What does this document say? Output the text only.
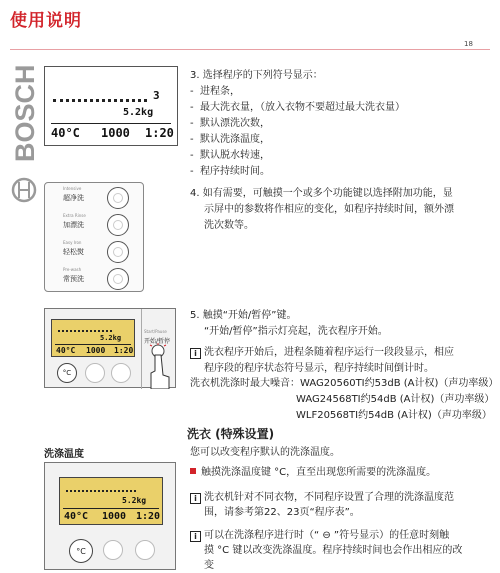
使用说明
18
BOSCH	3
5.2kg
40°C 1000 1:20
3. 选择程序的下列符号显示：
-  进程条，
-  最大洗衣量，（放入衣物不要超过最大洗衣量）
-  默认漂洗次数，
-  默认洗涤温度，
-  默认脱水转速，
-  程序持续时间。
Intensive
超净洗
Extra Rinse
加漂洗
Easy Iron
轻松熨
Pre-wash
常预洗
4. 如有需要，可触摸一个或多个功能键以选择附加功能，显
示屏中的参数将作相应的变化，如程序持续时间，额外漂
洗次数等。
5.2kg
40°C 1000 1:20
°C
Start/Pause
开始/暂停
5. 触摸“开始/暂停”键。
“开始/暂停”指示灯亮起，洗衣程序开始。
i 洗衣程序开始后，进程条随着程序运行一段段显示，相应
程序段的程序状态符号显示，程序持续时间倒计时。
洗衣机洗涤时最大噪音：WAG20560TI约53dB (A计权)（声功率级）
WAG24568TI约54dB (A计权)（声功率级）
WLF20568TI约54dB (A计权)（声功率级）
洗衣 (特殊设置)
洗涤温度	您可以改变程序默认的洗涤温度。
触摸洗涤温度键 °C，直至出现您所需要的洗涤温度。
i 洗衣机针对不同衣物，不同程序设置了合理的洗涤温度范
围，请参考第22、23页“程序表”。
i 可以在洗涤程序进行时（“ ⊖ ”符号显示）的任意时刻触
摸 °C 键以改变洗涤温度。程序持续时间也会作出相应的改
变
5.2kg
40°C 1000 1:20
°C
